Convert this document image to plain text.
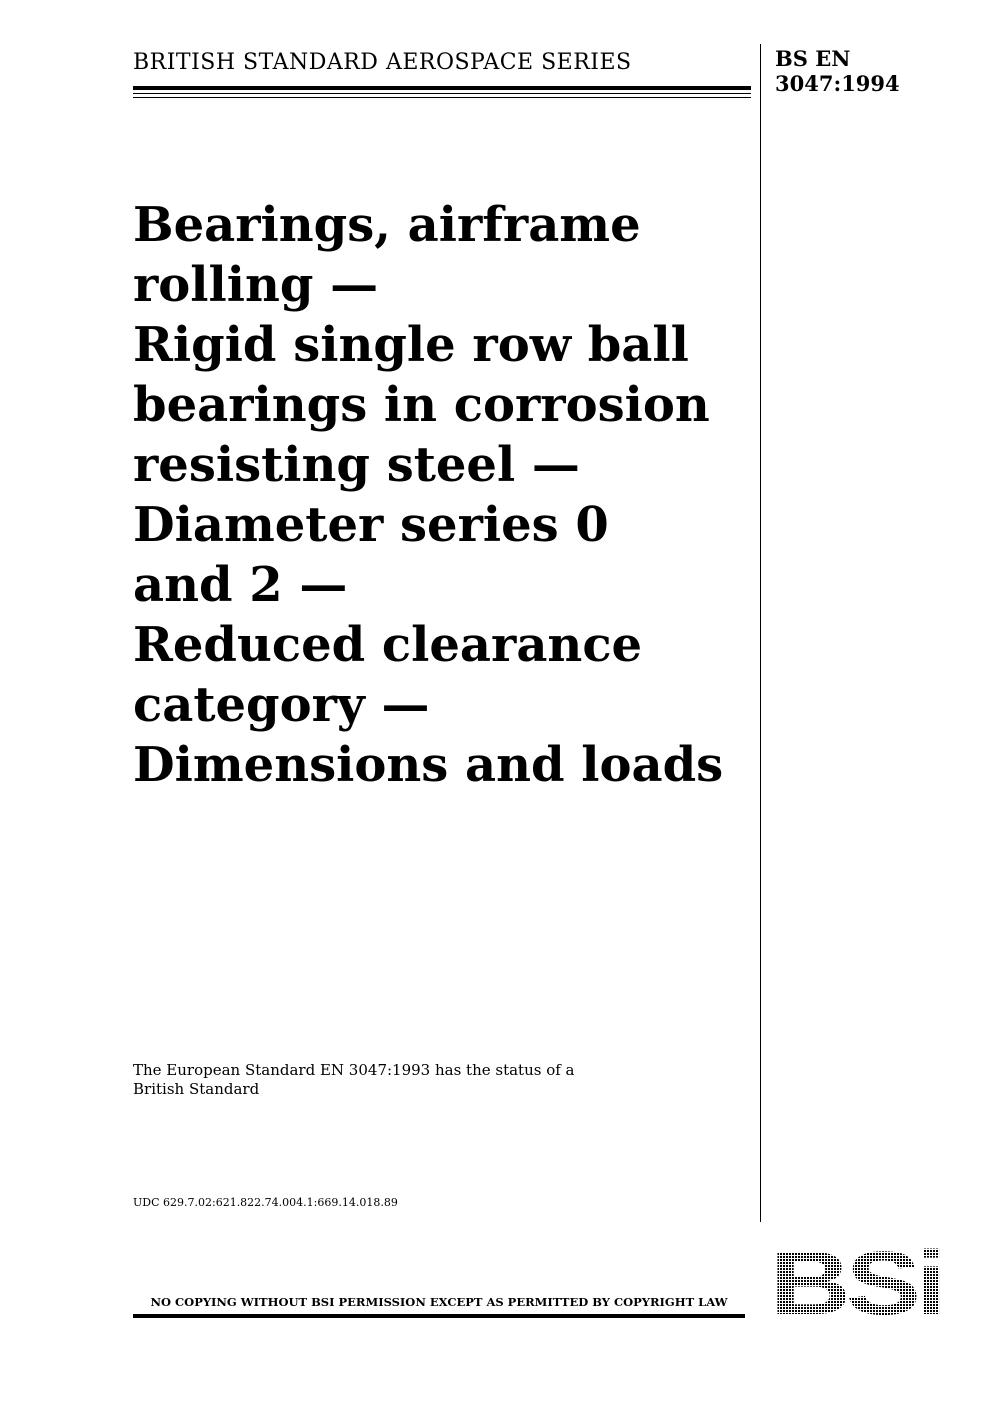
BRITISH STANDARD AEROSPACE SERIES	BS EN
3047:1994
Bearings, airframe
rolling —
Rigid single row ball
bearings in corrosion
resisting steel —
Diameter series 0
and 2 —
Reduced clearance
category —
Dimensions and loads
The European Standard EN 3047:1993 has the status of a
British Standard
UDC 629.7.02:621.822.74.004.1:669.14.018.89
NO COPYING WITHOUT BSI PERMISSION EXCEPT AS PERMITTED BY COPYRIGHT LAW BSi
